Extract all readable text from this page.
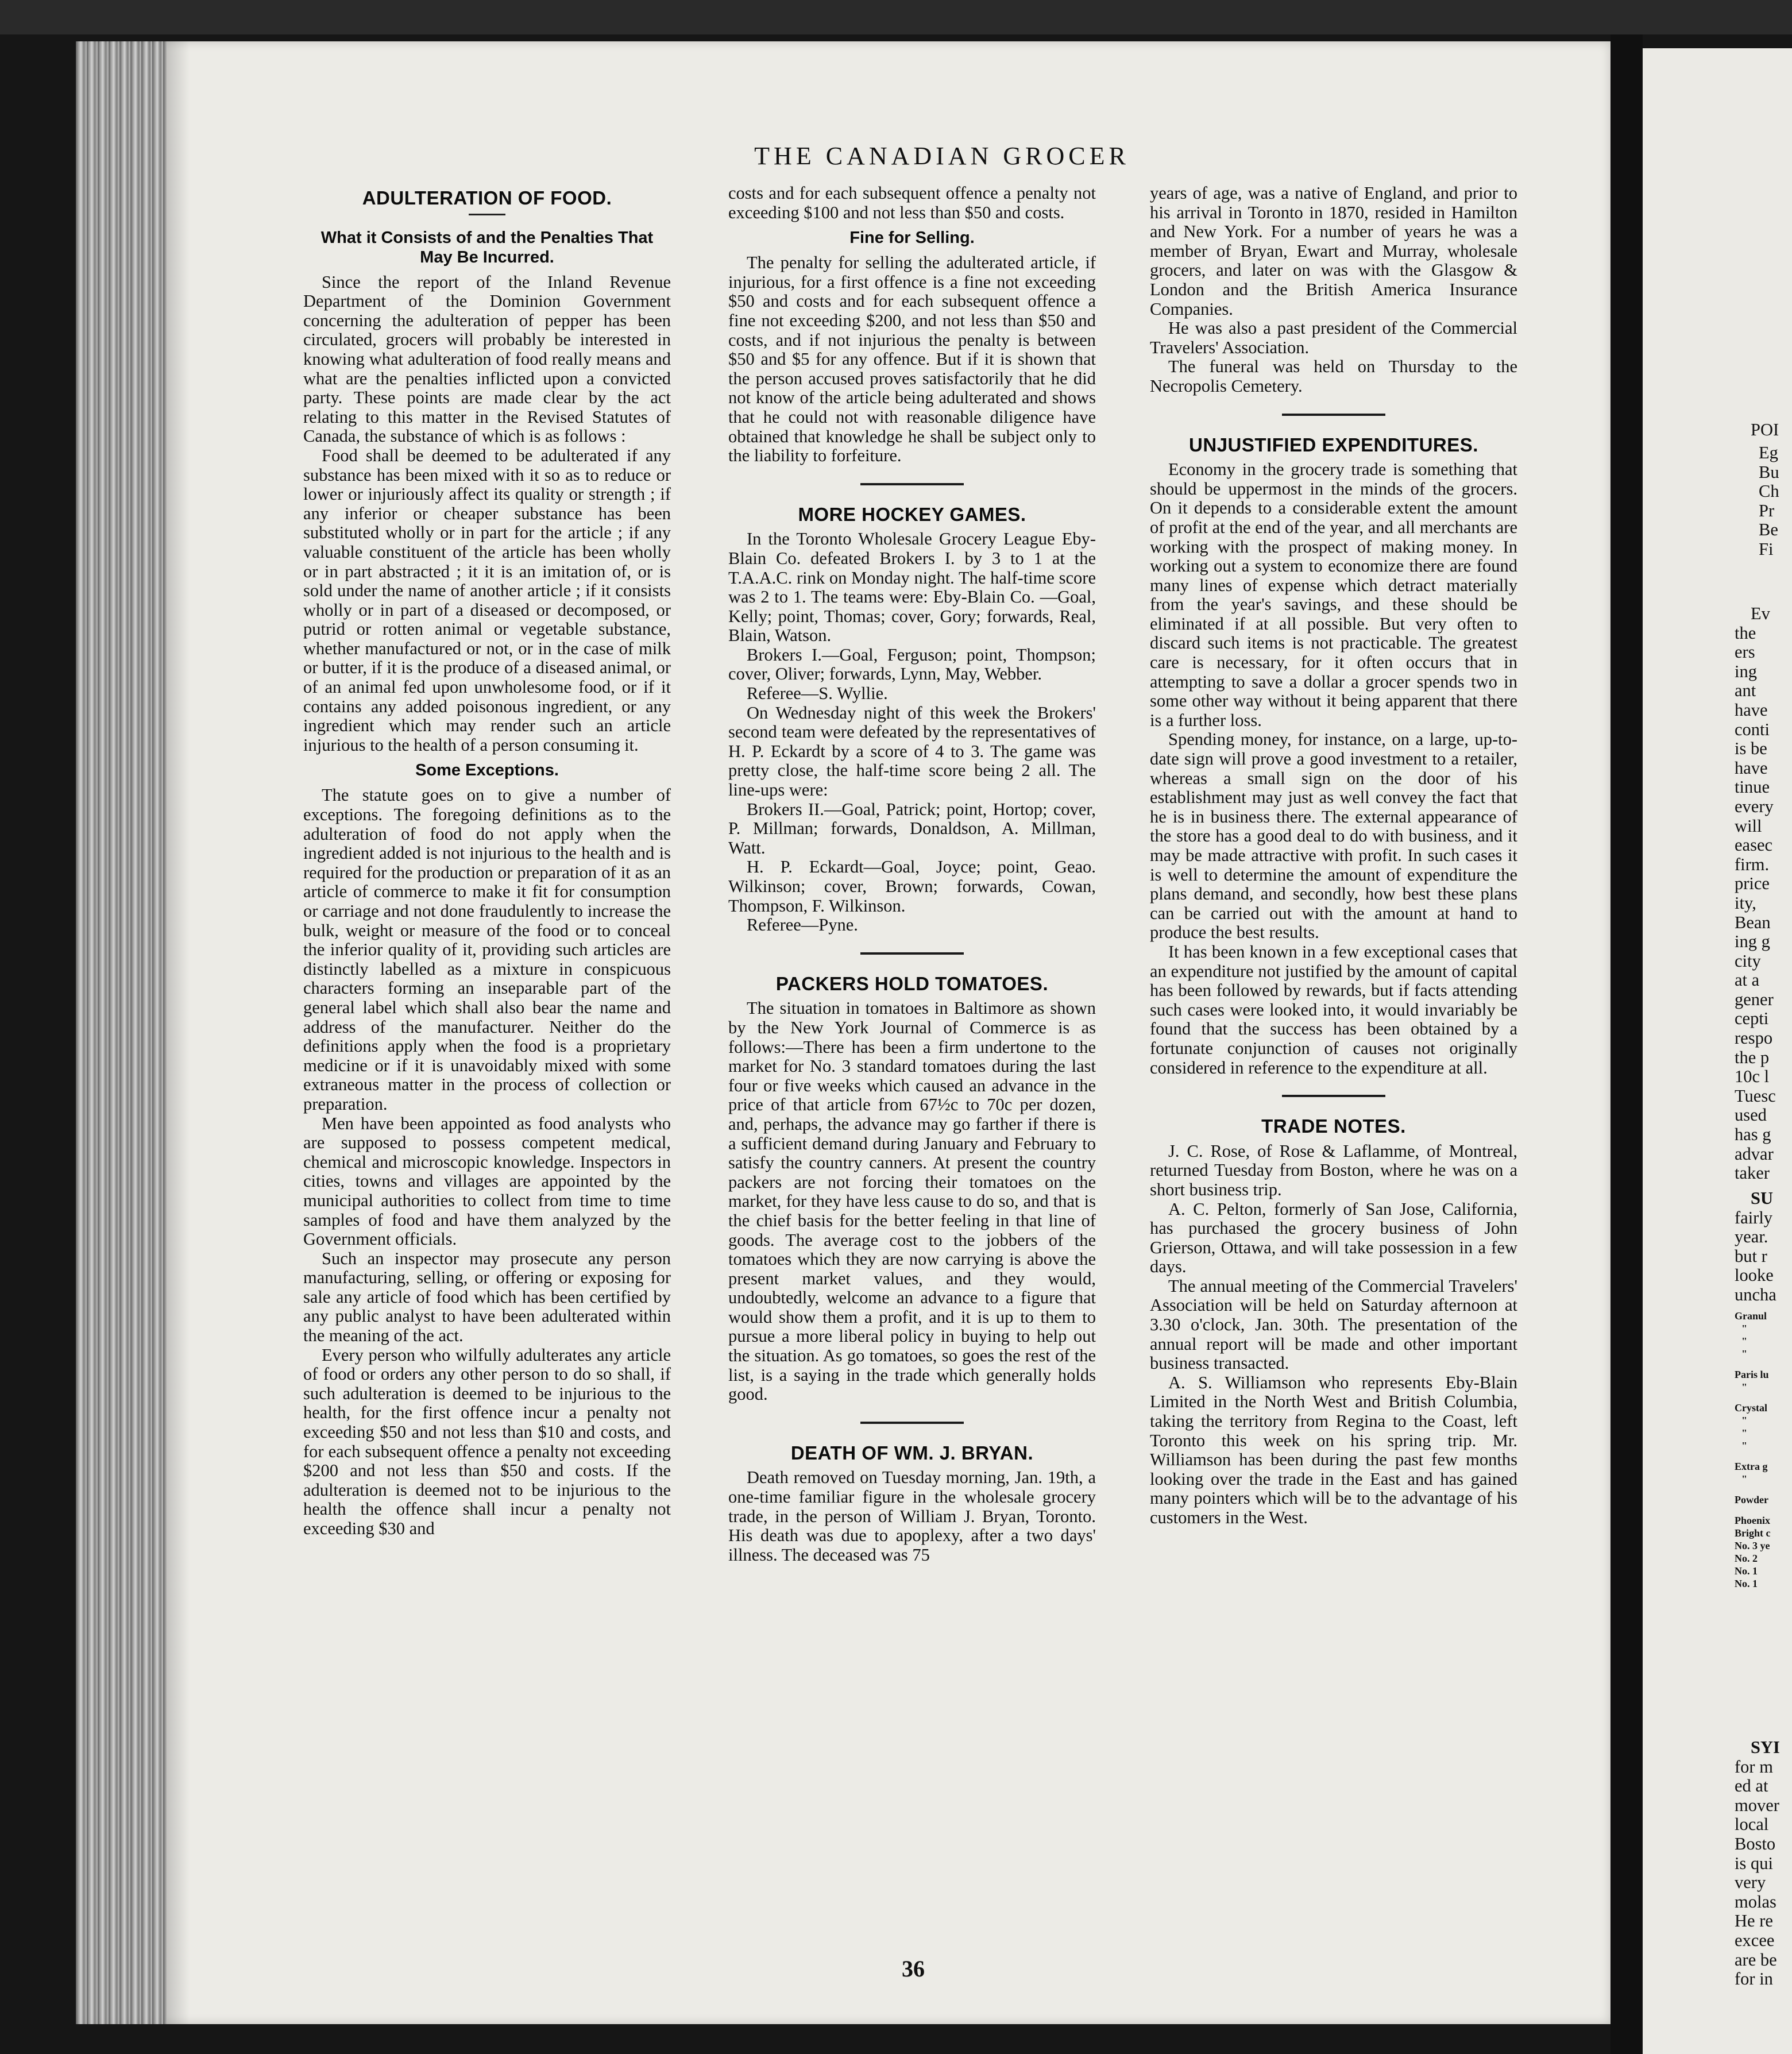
THE CANADIAN GROCER
ADULTERATION OF FOOD.
What it Consists of and the Penalties That May Be Incurred.

Since the report of the Inland Revenue Department of the Dominion Government concerning the adulteration of pepper has been circulated, grocers will probably be interested in knowing what adulteration of food really means and what are the penalties inflicted upon a convicted party. These points are made clear by the act relating to this matter in the Revised Statutes of Canada, the substance of which is as follows :

Food shall be deemed to be adulterated if any substance has been mixed with it so as to reduce or lower or injuriously affect its quality or strength ; if any inferior or cheaper substance has been substituted wholly or in part for the article ; if any valuable constituent of the article has been wholly or in part abstracted ; it it is an imitation of, or is sold under the name of another article ; if it consists wholly or in part of a diseased or decomposed, or putrid or rotten animal or vegetable substance, whether manufactured or not, or in the case of milk or butter, if it is the produce of a diseased animal, or of an animal fed upon unwholesome food, or if it contains any added poisonous ingredient, or any ingredient which may render such an article injurious to the health of a person consuming it.

Some Exceptions.

The statute goes on to give a number of exceptions. The foregoing definitions as to the adulteration of food do not apply when the ingredient added is not injurious to the health and is required for the production or preparation of it as an article of commerce to make it fit for consumption or carriage and not done fraudulently to increase the bulk, weight or measure of the food or to conceal the inferior quality of it, providing such articles are distinctly labelled as a mixture in conspicuous characters forming an inseparable part of the general label which shall also bear the name and address of the manufacturer. Neither do the definitions apply when the food is a proprietary medicine or if it is unavoidably mixed with some extraneous matter in the process of collection or preparation.

Men have been appointed as food analysts who are supposed to possess competent medical, chemical and microscopic knowledge. Inspectors in cities, towns and villages are appointed by the municipal authorities to collect from time to time samples of food and have them analyzed by the Government officials.

Such an inspector may prosecute any person manufacturing, selling, or offering or exposing for sale any article of food which has been certified by any public analyst to have been adulterated within the meaning of the act.

Every person who wilfully adulterates any article of food or orders any other person to do so shall, if such adulteration is deemed to be injurious to the health, for the first offence incur a penalty not exceeding $50 and not less than $10 and costs, and for each subsequent offence a penalty not exceeding $200 and not less than $50 and costs. If the adulteration is deemed not to be injurious to the health the offence shall incur a penalty not exceeding $30 and

costs and for each subsequent offence a penalty not exceeding $100 and not less than $50 and costs.

Fine for Selling.

The penalty for selling the adulterated article, if injurious, for a first offence is a fine not exceeding $50 and costs and for each subsequent offence a fine not exceeding $200, and not less than $50 and costs, and if not injurious the penalty is between $50 and $5 for any offence. But if it is shown that the person accused proves satisfactorily that he did not know of the article being adulterated and shows that he could not with reasonable diligence have obtained that knowledge he shall be subject only to the liability to forfeiture.

MORE HOCKEY GAMES.

In the Toronto Wholesale Grocery League Eby-Blain Co. defeated Brokers I. by 3 to 1 at the T.A.A.C. rink on Monday night. The half-time score was 2 to 1. The teams were: Eby-Blain Co. —Goal, Kelly; point, Thomas; cover, Gory; forwards, Real, Blain, Watson.

Brokers I.—Goal, Ferguson; point, Thompson; cover, Oliver; forwards, Lynn, May, Webber.

Referee—S. Wyllie.

On Wednesday night of this week the Brokers' second team were defeated by the representatives of H. P. Eckardt by a score of 4 to 3. The game was pretty close, the half-time score being 2 all. The line-ups were:

Brokers II.—Goal, Patrick; point, Hortop; cover, P. Millman; forwards, Donaldson, A. Millman, Watt.

H. P. Eckardt—Goal, Joyce; point, Geao. Wilkinson; cover, Brown; forwards, Cowan, Thompson, F. Wilkinson.

Referee—Pyne.

PACKERS HOLD TOMATOES.

The situation in tomatoes in Baltimore as shown by the New York Journal of Commerce is as follows:—There has been a firm undertone to the market for No. 3 standard tomatoes during the last four or five weeks which caused an advance in the price of that article from 67½c to 70c per dozen, and, perhaps, the advance may go farther if there is a sufficient demand during January and February to satisfy the country canners. At present the country packers are not forcing their tomatoes on the market, for they have less cause to do so, and that is the chief basis for the better feeling in that line of goods. The average cost to the jobbers of the tomatoes which they are now carrying is above the present market values, and they would, undoubtedly, welcome an advance to a figure that would show them a profit, and it is up to them to pursue a more liberal policy in buying to help out the situation. As go tomatoes, so goes the rest of the list, is a saying in the trade which generally holds good.

DEATH OF WM. J. BRYAN.

Death removed on Tuesday morning, Jan. 19th, a one-time familiar figure in the wholesale grocery trade, in the person of William J. Bryan, Toronto. His death was due to apoplexy, after a two days' illness. The deceased was 75

years of age, was a native of England, and prior to his arrival in Toronto in 1870, resided in Hamilton and New York. For a number of years he was a member of Bryan, Ewart and Murray, wholesale grocers, and later on was with the Glasgow & London and the British America Insurance Companies.

He was also a past president of the Commercial Travelers' Association.

The funeral was held on Thursday to the Necropolis Cemetery.

UNJUSTIFIED EXPENDITURES.

Economy in the grocery trade is something that should be uppermost in the minds of the grocers. On it depends to a considerable extent the amount of profit at the end of the year, and all merchants are working with the prospect of making money. In working out a system to economize there are found many lines of expense which detract materially from the year's savings, and these should be eliminated if at all possible. But very often to discard such items is not practicable. The greatest care is necessary, for it often occurs that in attempting to save a dollar a grocer spends two in some other way without it being apparent that there is a further loss.

Spending money, for instance, on a large, up-to-date sign will prove a good investment to a retailer, whereas a small sign on the door of his establishment may just as well convey the fact that he is in business there. The external appearance of the store has a good deal to do with business, and it may be made attractive with profit. In such cases it is well to determine the amount of expenditure the plans demand, and secondly, how best these plans can be carried out with the amount at hand to produce the best results.

It has been known in a few exceptional cases that an expenditure not justified by the amount of capital has been followed by rewards, but if facts attending such cases were looked into, it would invariably be found that the success has been obtained by a fortunate conjunction of causes not originally considered in reference to the expenditure at all.

TRADE NOTES.

J. C. Rose, of Rose & Laflamme, of Montreal, returned Tuesday from Boston, where he was on a short business trip.

A. C. Pelton, formerly of San Jose, California, has purchased the grocery business of John Grierson, Ottawa, and will take possession in a few days.

The annual meeting of the Commercial Travelers' Association will be held on Saturday afternoon at 3.30 o'clock, Jan. 30th. The presentation of the annual report will be made and other important business transacted.

A. S. Williamson who represents Eby-Blain Limited in the North West and British Columbia, taking the territory from Regina to the Coast, left Toronto this week on his spring trip. Mr. Williamson has been during the past few months looking over the trade in the East and has gained many pointers which will be to the advantage of his customers in the West.

36
POI
Eg
Bu
Ch
Pr
Be
Fi
Ev
the
ers
ing
ant
have
conti
is be
have
tinue
every
will
easec
firm.
price
ity,
Bean
ing g
city
at a
gener
cepti
respo
the p
10c l
Tuesc
used
has g
advar
taker
SU
fairly
year.
but r
looke
uncha
Granul
"
"
"
Paris lu
"
Crystal
"
"
"
Extra g
"
Powder
Phoenix
Bright c
No. 3 ye
No. 2
No. 1
No. 1
SYI
for m
ed at
mover
local
Bosto
is qui
very
molas
He re
excee
are be
for in
